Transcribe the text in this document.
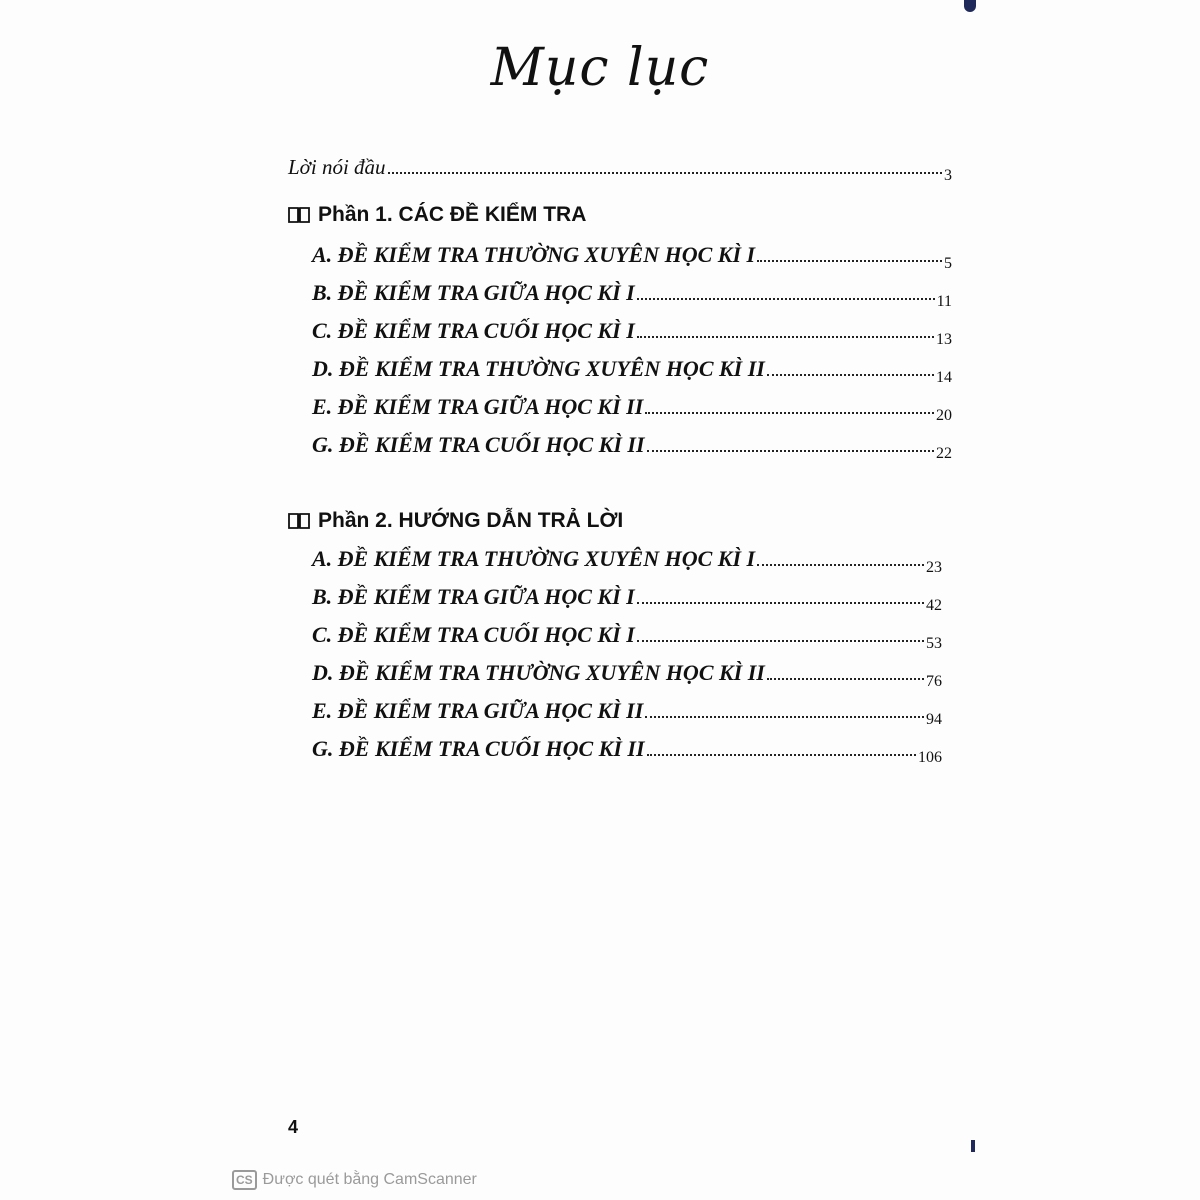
Mục lục
Lời nói đầu	3
Phần 1. CÁC ĐỀ KIỂM TRA
A. ĐỀ KIỂM TRA THƯỜNG XUYÊN HỌC KÌ I	5
B. ĐỀ KIỂM TRA GIỮA HỌC KÌ I	11
C. ĐỀ KIỂM TRA CUỐI HỌC KÌ I	13
D. ĐỀ KIỂM TRA THƯỜNG XUYÊN HỌC KÌ II	14
E. ĐỀ KIỂM TRA GIỮA HỌC KÌ II	20
G. ĐỀ KIỂM TRA CUỐI HỌC KÌ II	22
Phần 2. HƯỚNG DẪN TRẢ LỜI
A. ĐỀ KIỂM TRA THƯỜNG XUYÊN HỌC KÌ I	23
B. ĐỀ KIỂM TRA GIỮA HỌC KÌ I	42
C. ĐỀ KIỂM TRA CUỐI HỌC KÌ I	53
D. ĐỀ KIỂM TRA THƯỜNG XUYÊN HỌC KÌ II	76
E. ĐỀ KIỂM TRA GIỮA HỌC KÌ II	94
G. ĐỀ KIỂM TRA CUỐI HỌC KÌ II	106
4
CS Được quét bằng CamScanner
